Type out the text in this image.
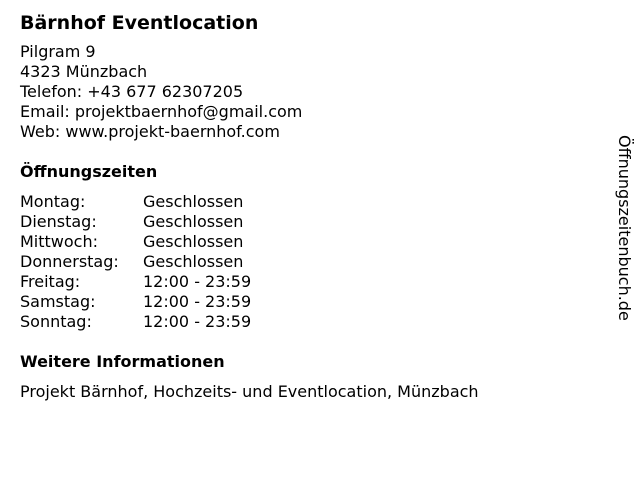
Bärnhof Eventlocation
Pilgram 9
4323 Münzbach
Telefon: +43 677 62307205
Email: projektbaernhof@gmail.com
Web: www.projekt-baernhof.com
Öffnungszeiten
Montag:	Geschlossen
Dienstag:	Geschlossen
Mittwoch:	Geschlossen
Donnerstag:	Geschlossen
Freitag:	12:00 - 23:59
Samstag:	12:00 - 23:59
Sonntag:	12:00 - 23:59
Weitere Informationen
Projekt Bärnhof, Hochzeits- und Eventlocation, Münzbach
Öffnungszeitenbuch.de
